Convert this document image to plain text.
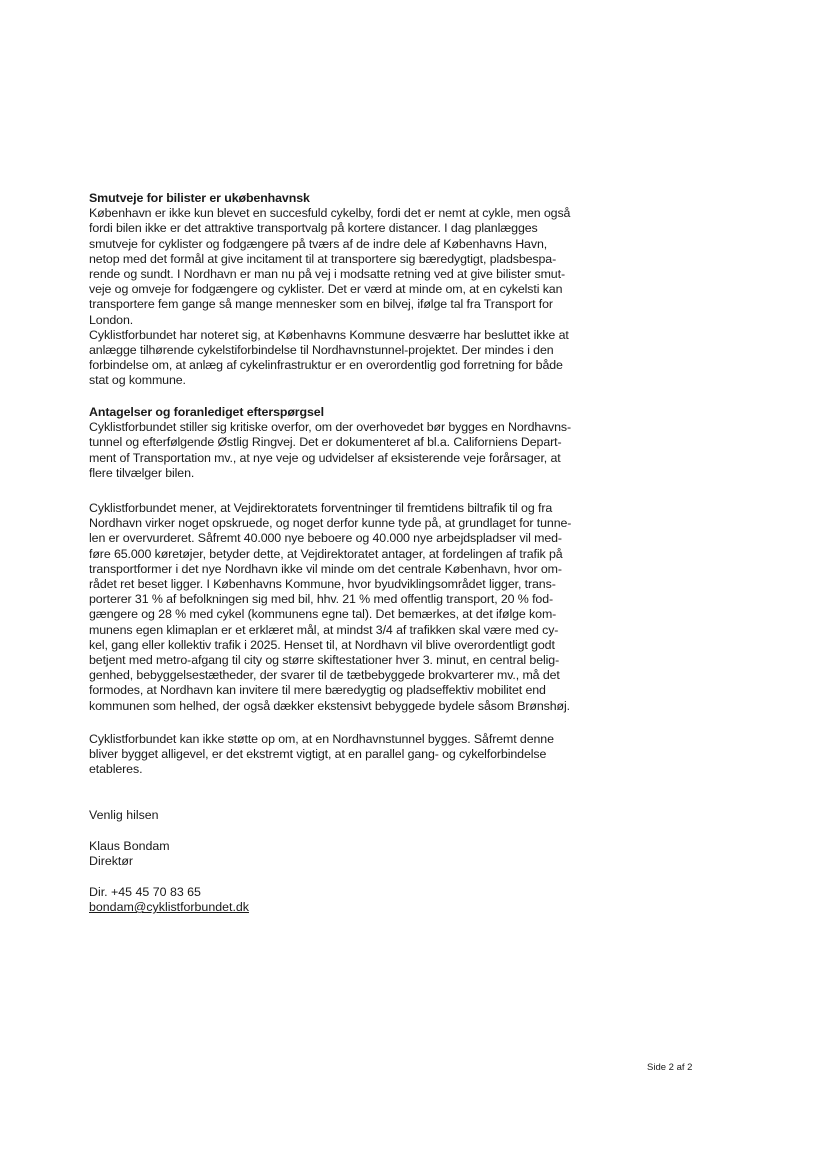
Smutveje for bilister er ukøbenhavnsk
København er ikke kun blevet en succesfuld cykelby, fordi det er nemt at cykle, men også
fordi bilen ikke er det attraktive transportvalg på kortere distancer. I dag planlægges
smutveje for cyklister og fodgængere på tværs af de indre dele af Københavns Havn,
netop med det formål at give incitament til at transportere sig bæredygtigt, pladsbespa-
rende og sundt. I Nordhavn er man nu på vej i modsatte retning ved at give bilister smut-
veje og omveje for fodgængere og cyklister. Det er værd at minde om, at en cykelsti kan
transportere fem gange så mange mennesker som en bilvej, ifølge tal fra Transport for
London.
Cyklistforbundet har noteret sig, at Københavns Kommune desværre har besluttet ikke at
anlægge tilhørende cykelstiforbindelse til Nordhavnstunnel-projektet. Der mindes i den
forbindelse om, at anlæg af cykelinfrastruktur er en overordentlig god forretning for både
stat og kommune.
Antagelser og foranlediget efterspørgsel
Cyklistforbundet stiller sig kritiske overfor, om der overhovedet bør bygges en Nordhavns-
tunnel og efterfølgende Østlig Ringvej. Det er dokumenteret af bl.a. Californiens Depart-
ment of Transportation mv., at nye veje og udvidelser af eksisterende veje forårsager, at
flere tilvælger bilen.
Cyklistforbundet mener, at Vejdirektoratets forventninger til fremtidens biltrafik til og fra
Nordhavn virker noget opskruede, og noget derfor kunne tyde på, at grundlaget for tunne-
len er overvurderet. Såfremt 40.000 nye beboere og 40.000 nye arbejdspladser vil med-
føre 65.000 køretøjer, betyder dette, at Vejdirektoratet antager, at fordelingen af trafik på
transportformer i det nye Nordhavn ikke vil minde om det centrale København, hvor om-
rådet ret beset ligger. I Københavns Kommune, hvor byudviklingsområdet ligger, trans-
porterer 31 % af befolkningen sig med bil, hhv. 21 % med offentlig transport, 20 % fod-
gængere og 28 % med cykel (kommunens egne tal). Det bemærkes, at det ifølge kom-
munens egen klimaplan er et erklæret mål, at mindst 3/4 af trafikken skal være med cy-
kel, gang eller kollektiv trafik i 2025. Henset til, at Nordhavn vil blive overordentligt godt
betjent med metro-afgang til city og større skiftestationer hver 3. minut, en central belig-
genhed, bebyggelsestætheder, der svarer til de tætbebyggede brokvarterer mv., må det
formodes, at Nordhavn kan invitere til mere bæredygtig og pladseffektiv mobilitet end
kommunen som helhed, der også dækker ekstensivt bebyggede bydele såsom Brønshøj.
Cyklistforbundet kan ikke støtte op om, at en Nordhavnstunnel bygges. Såfremt denne
bliver bygget alligevel, er det ekstremt vigtigt, at en parallel gang- og cykelforbindelse
etableres.
Venlig hilsen
Klaus Bondam
Direktør
Dir. +45 45 70 83 65
bondam@cyklistforbundet.dk
Side 2 af 2
